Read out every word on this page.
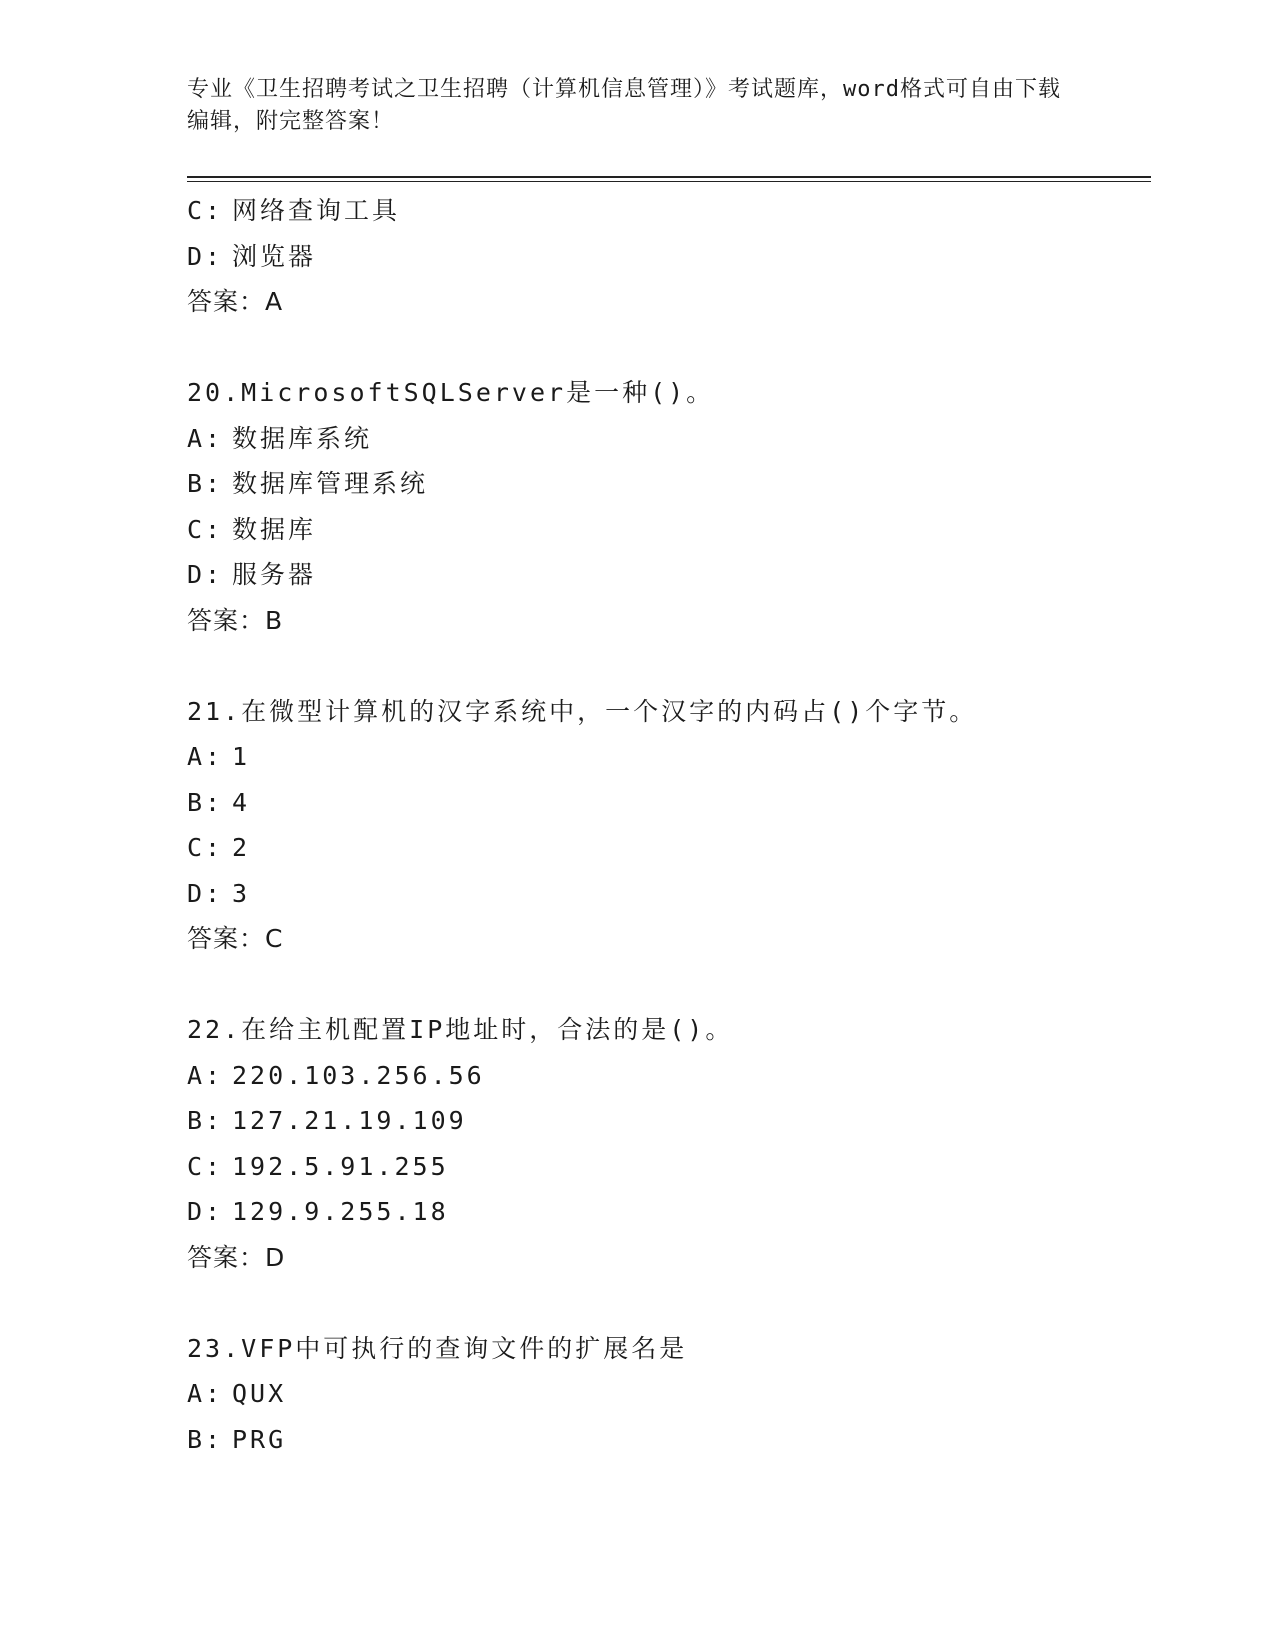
专业《卫生招聘考试之卫生招聘（计算机信息管理）》考试题库，word格式可自由下载编辑，附完整答案！
C: 网络查询工具
D: 浏览器
答案：A
20.MicrosoftSQLServer是一种()。
A: 数据库系统
B: 数据库管理系统
C: 数据库
D: 服务器
答案：B
21.在微型计算机的汉字系统中，一个汉字的内码占()个字节。
A: 1
B: 4
C: 2
D: 3
答案：C
22.在给主机配置IP地址时，合法的是()。
A: 220.103.256.56
B: 127.21.19.109
C: 192.5.91.255
D: 129.9.255.18
答案：D
23.VFP中可执行的查询文件的扩展名是
A: QUX
B: PRG
